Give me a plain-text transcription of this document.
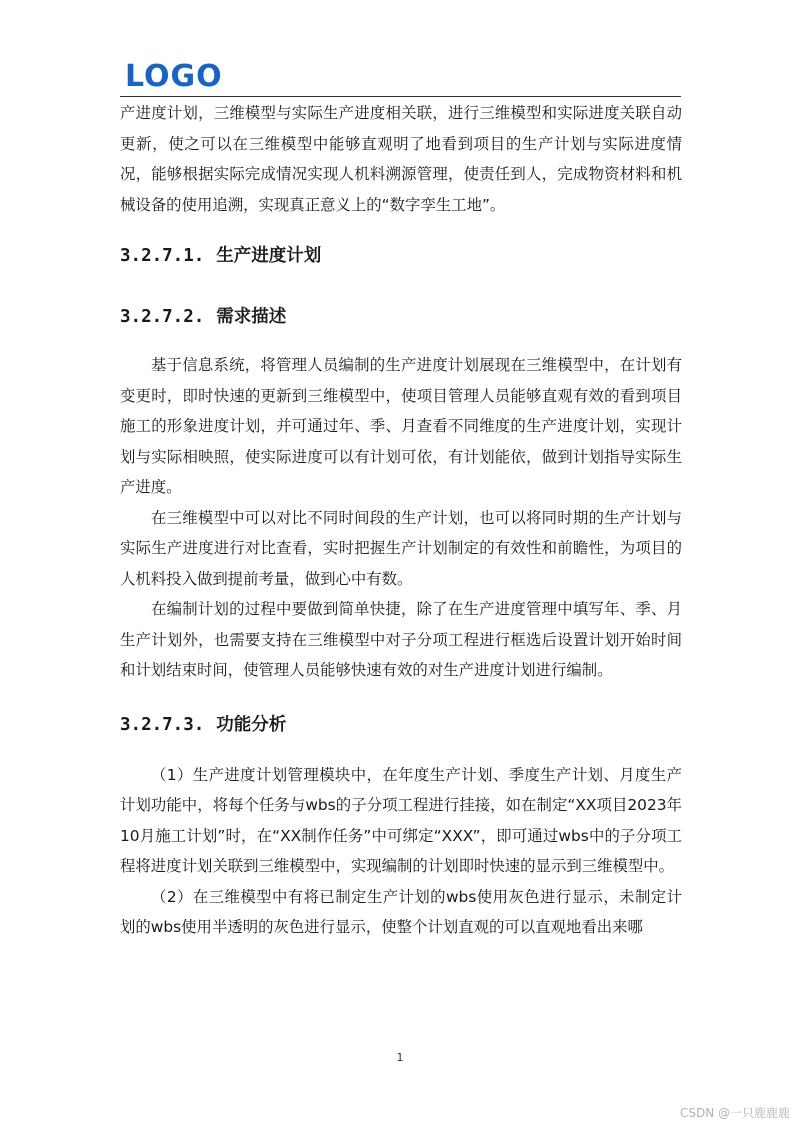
LOGO

产进度计划，三维模型与实际生产进度相关联，进行三维模型和实际进度关联自动更新，使之可以在三维模型中能够直观明了地看到项目的生产计划与实际进度情况，能够根据实际完成情况实现人机料溯源管理，使责任到人，完成物资材料和机械设备的使用追溯，实现真正意义上的“数字孪生工地”。

3.2.7.1. 生产进度计划
3.2.7.2. 需求描述

基于信息系统，将管理人员编制的生产进度计划展现在三维模型中，在计划有变更时，即时快速的更新到三维模型中，使项目管理人员能够直观有效的看到项目施工的形象进度计划，并可通过年、季、月查看不同维度的生产进度计划，实现计划与实际相映照，使实际进度可以有计划可依，有计划能依，做到计划指导实际生产进度。

在三维模型中可以对比不同时间段的生产计划，也可以将同时期的生产计划与实际生产进度进行对比查看，实时把握生产计划制定的有效性和前瞻性，为项目的人机料投入做到提前考量，做到心中有数。

在编制计划的过程中要做到简单快捷，除了在生产进度管理中填写年、季、月生产计划外，也需要支持在三维模型中对子分项工程进行框选后设置计划开始时间和计划结束时间，使管理人员能够快速有效的对生产进度计划进行编制。

3.2.7.3. 功能分析

（1）生产进度计划管理模块中，在年度生产计划、季度生产计划、月度生产计划功能中，将每个任务与wbs的子分项工程进行挂接，如在制定“XX项目2023年10月施工计划”时，在“XX制作任务”中可绑定“XXX”，即可通过wbs中的子分项工程将进度计划关联到三维模型中，实现编制的计划即时快速的显示到三维模型中。

（2）在三维模型中有将已制定生产计划的wbs使用灰色进行显示，未制定计划的wbs使用半透明的灰色进行显示，使整个计划直观的可以直观地看出来哪

1
CSDN @一只鹿鹿鹿
